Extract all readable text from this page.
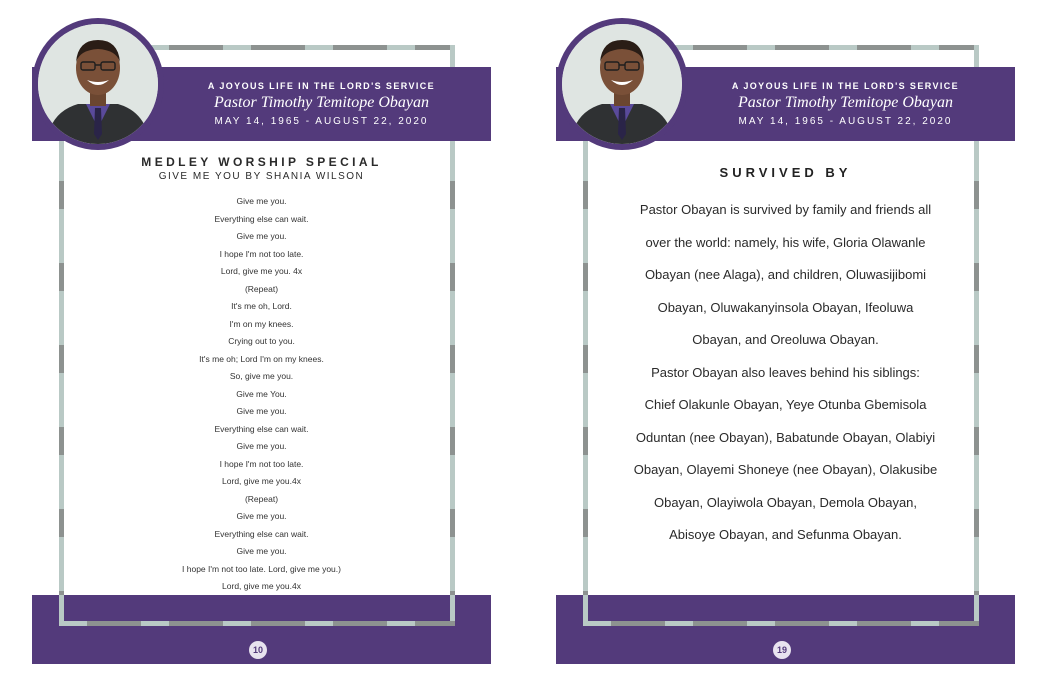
A JOYOUS LIFE IN THE LORD'S SERVICE
Pastor Timothy Temitope Obayan
MAY 14, 1965 - AUGUST 22, 2020
MEDLEY WORSHIP SPECIAL
GIVE ME YOU BY SHANIA WILSON
Give me you.
Everything else can wait.
Give me you.
I hope I'm not too late.
Lord, give me you. 4x
(Repeat)
It's me oh, Lord.
I'm on my knees.
Crying out to you.
It's me oh; Lord I'm on my knees.
So, give me you.
Give me You.
Give me you.
Everything else can wait.
Give me you.
I hope I'm not too late.
Lord, give me you.4x
(Repeat)
Give me you.
Everything else can wait.
Give me you.
I hope I'm not too late. Lord, give me you.)
Lord, give me you.4x
10
A JOYOUS LIFE IN THE LORD'S SERVICE
Pastor Timothy Temitope Obayan
MAY 14, 1965 - AUGUST 22, 2020
SURVIVED BY
Pastor Obayan is survived by family and friends all
over the world: namely, his wife, Gloria Olawanle
Obayan (nee Alaga), and children, Oluwasijibomi
Obayan, Oluwakanyinsola Obayan, Ifeoluwa
Obayan, and Oreoluwa Obayan.
Pastor Obayan also leaves behind his siblings:
Chief Olakunle Obayan, Yeye Otunba Gbemisola
Oduntan (nee Obayan), Babatunde Obayan, Olabiyi
Obayan, Olayemi Shoneye (nee Obayan), Olakusibe
Obayan, Olayiwola Obayan, Demola Obayan,
Abisoye Obayan, and Sefunma Obayan.
19
